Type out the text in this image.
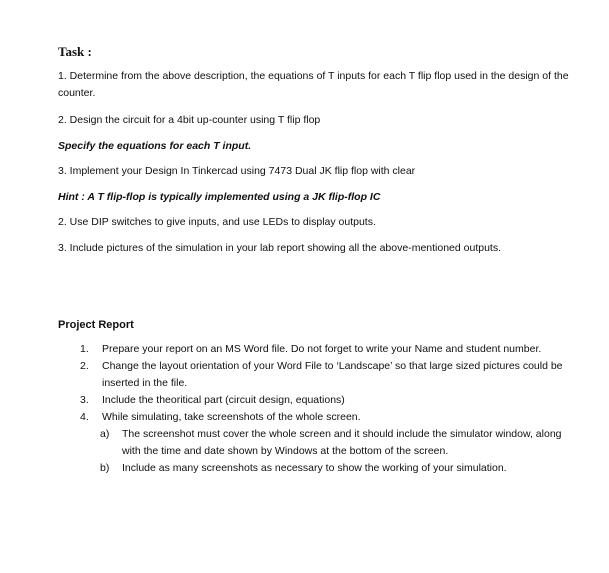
Task :
1. Determine from the above description, the equations of T inputs for each T flip flop used in the design of the counter.
2. Design the circuit for a 4bit up-counter using T flip flop
Specify the equations for each T input.
3. Implement your Design In Tinkercad using 7473 Dual JK flip flop with clear
Hint : A T flip-flop is typically implemented using a JK flip-flop IC
2. Use DIP switches to give inputs, and use LEDs to display outputs.
3. Include pictures of the simulation in your lab report showing all the above-mentioned outputs.
Project Report
1.	Prepare your report on an MS Word file. Do not forget to write your Name and student number.
2.	Change the layout orientation of your Word File to ‘Landscape’ so that large sized pictures could be inserted in the file.
3.	Include the theoritical part (circuit design, equations)
4.	While simulating, take screenshots of the whole screen.
a)	The screenshot must cover the whole screen and it should include the simulator window, along with the time and date shown by Windows at the bottom of the screen.
b)	Include as many screenshots as necessary to show the working of your simulation.
